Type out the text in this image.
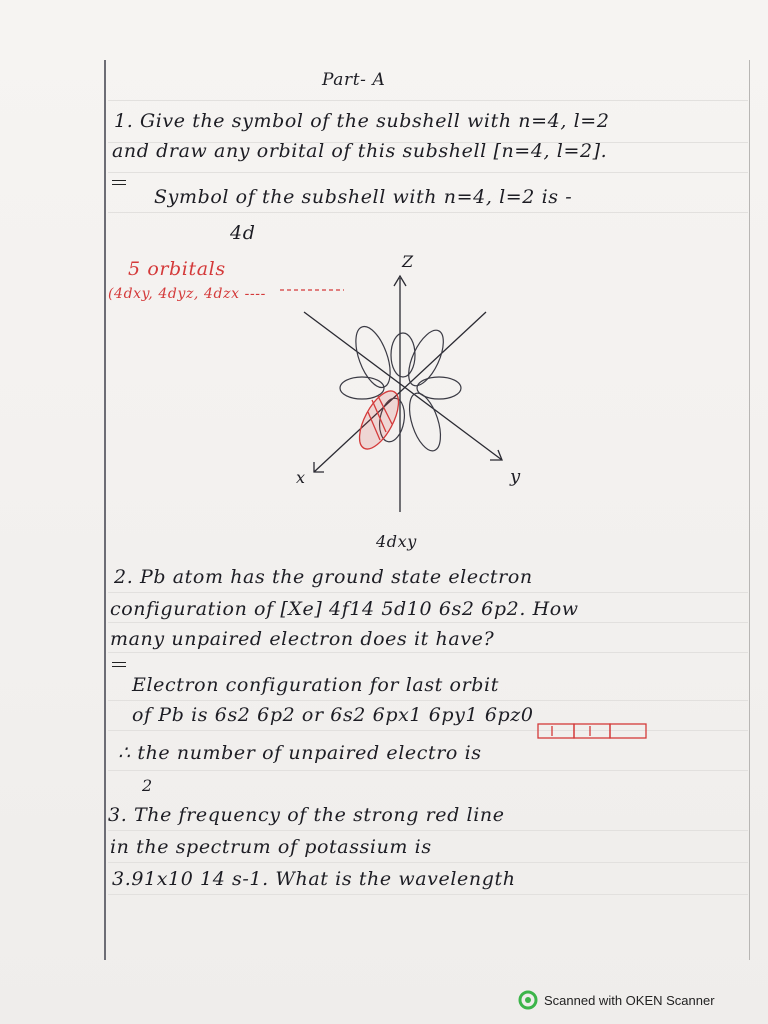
Part- A
1. Give the symbol of the subshell with n=4, l=2
and draw any orbital of this subshell [n=4, l=2].
Symbol of the subshell with n=4, l=2 is -
4d
5 orbitals
(4dxy, 4dyz, 4dzx ----
Z
x	y
4dxy
2. Pb atom has the ground state electron
configuration of [Xe] 4f14 5d10 6s2 6p2. How
many unpaired electron does it have?
Electron configuration for last orbit
of Pb is 6s2 6p2 or 6s2 6px1 6py1 6pz0
∴ the number of unpaired electro is
2
3. The frequency of the strong red line
in the spectrum of potassium is
3.91x10 14 s-1. What is the wavelength
Scanned with OKEN Scanner
